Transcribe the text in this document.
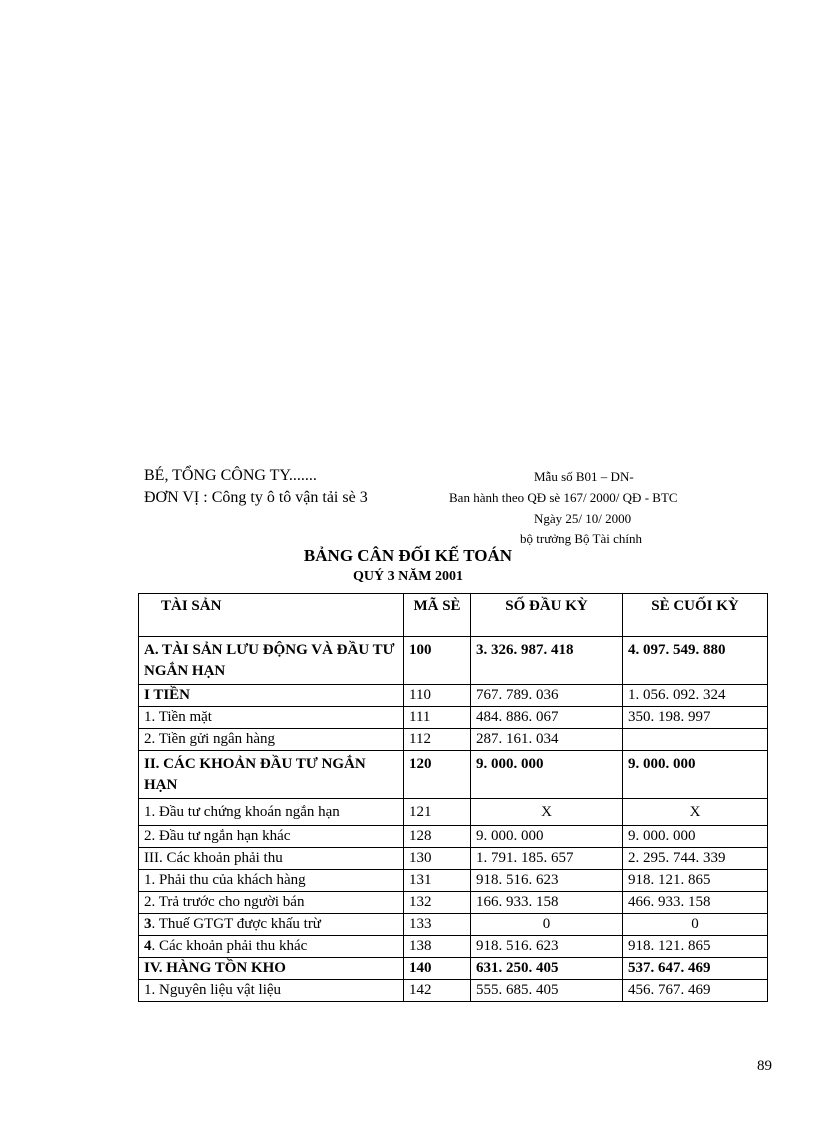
BÉ, TỔNG CÔNG TY.......
ĐƠN VỊ : Công ty ô tô vận tải sè 3
Mẫu số B01 – DN-
Ban hành theo QĐ sè 167/ 2000/ QĐ - BTC
Ngày 25/ 10/ 2000
bộ trưởng Bộ Tài chính
BẢNG CÂN ĐỐI KẾ TOÁN
QUÝ 3 NĂM 2001
TÀI SẢN	MÃ SÈ	SỐ ĐẦU KỲ	SÈ CUỐI KỲ
A. TÀI SẢN LƯU ĐỘNG VÀ ĐẦU TƯ NGẮN HẠN	100	3. 326. 987. 418	4. 097. 549. 880
I TIỀN	110	767. 789. 036	1. 056. 092. 324
1. Tiền mặt	111	484. 886. 067	350. 198. 997
2. Tiền gửi ngân hàng	112	287. 161. 034	
II. CÁC KHOẢN ĐẦU TƯ NGẮN HẠN	120	9. 000. 000	9. 000. 000
1. Đầu tư chứng khoán ngắn hạn	121	X	X
2. Đầu tư ngắn hạn khác	128	9. 000. 000	9. 000. 000
III. Các khoản phải thu	130	1. 791. 185. 657	2. 295. 744. 339
1. Phải thu của khách hàng	131	918. 516. 623	918. 121. 865
2. Trả trước cho người bán	132	166. 933. 158	466. 933. 158
3. Thuế GTGT được khấu trừ	133	0	0
4. Các khoản phải thu khác	138	918. 516. 623	918. 121. 865
IV. HÀNG TỒN KHO	140	631. 250. 405	537. 647. 469
1. Nguyên liệu vật liệu	142	555. 685. 405	456. 767. 469
89
